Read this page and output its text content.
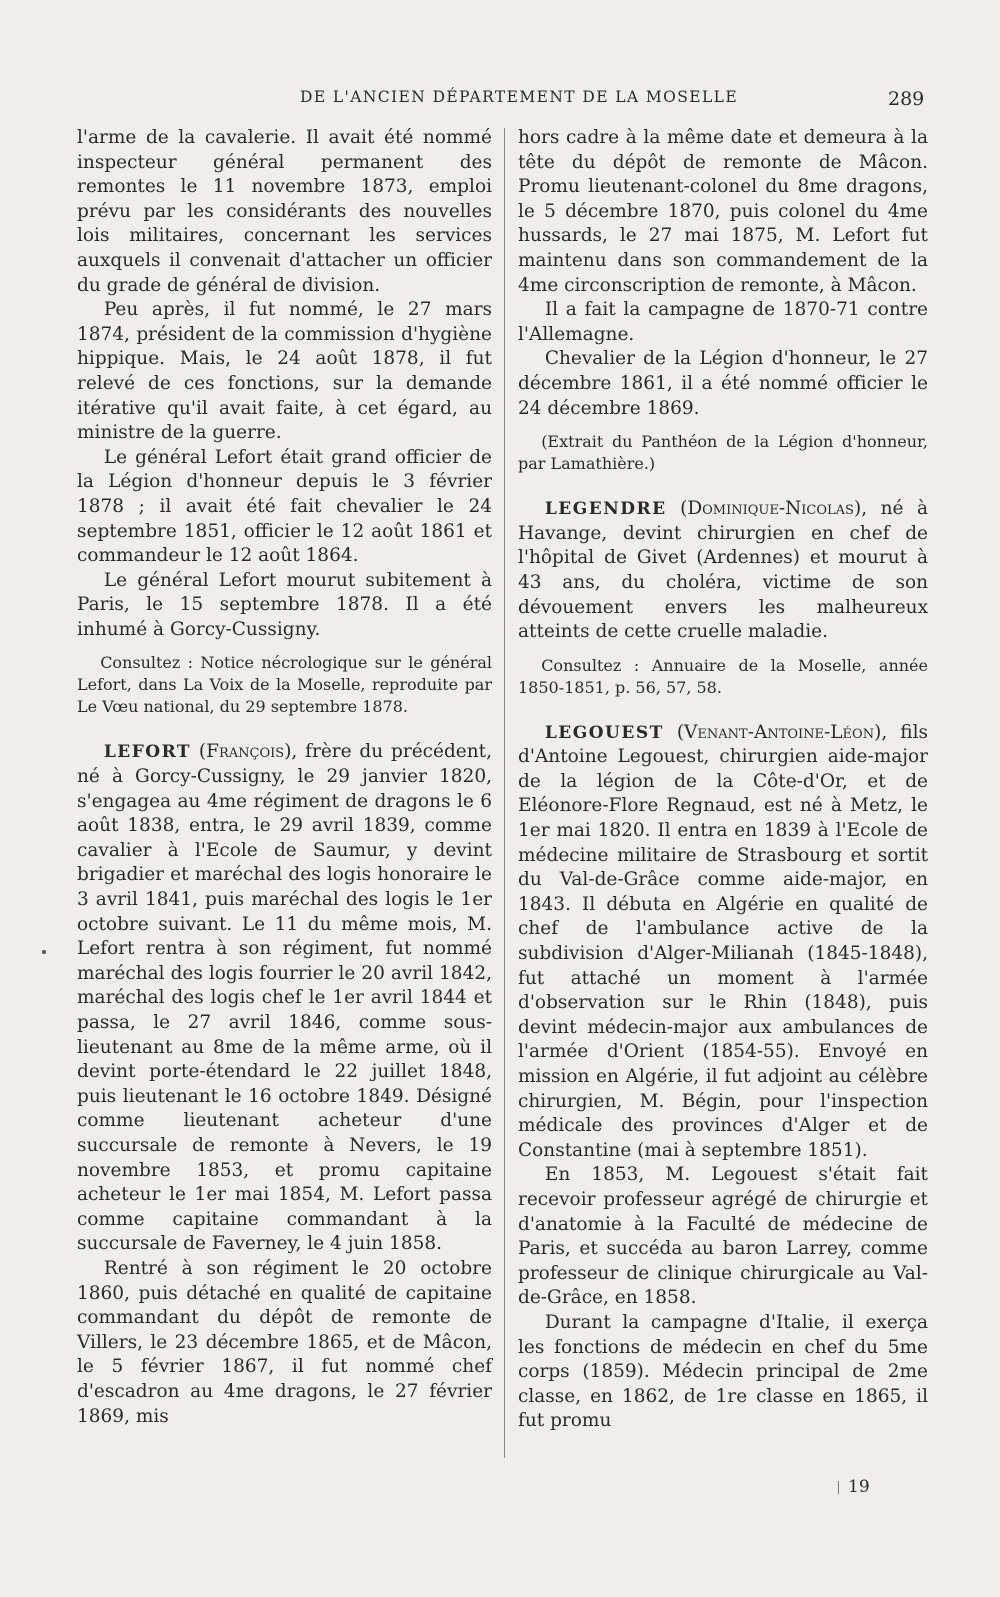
DE L'ANCIEN DÉPARTEMENT DE LA MOSELLE	289

l'arme de la cavalerie. Il avait été nommé inspecteur général permanent des remontes le 11 novembre 1873, emploi prévu par les considérants des nouvelles lois militaires, concernant les services auxquels il convenait d'attacher un officier du grade de général de division.

Peu après, il fut nommé, le 27 mars 1874, président de la commission d'hygiène hippique. Mais, le 24 août 1878, il fut relevé de ces fonctions, sur la demande itérative qu'il avait faite, à cet égard, au ministre de la guerre.

Le général Lefort était grand officier de la Légion d'honneur depuis le 3 février 1878 ; il avait été fait chevalier le 24 septembre 1851, officier le 12 août 1861 et commandeur le 12 août 1864.

Le général Lefort mourut subitement à Paris, le 15 septembre 1878. Il a été inhumé à Gorcy-Cussigny.

Consultez : Notice nécrologique sur le général Lefort, dans La Voix de la Moselle, reproduite par Le Vœu national, du 29 septembre 1878.

LEFORT (François), frère du précédent, né à Gorcy-Cussigny, le 29 janvier 1820, s'engagea au 4me régiment de dragons le 6 août 1838, entra, le 29 avril 1839, comme cavalier à l'Ecole de Saumur, y devint brigadier et maréchal des logis honoraire le 3 avril 1841, puis maréchal des logis le 1er octobre suivant. Le 11 du même mois, M. Lefort rentra à son régiment, fut nommé maréchal des logis fourrier le 20 avril 1842, maréchal des logis chef le 1er avril 1844 et passa, le 27 avril 1846, comme sous-lieutenant au 8me de la même arme, où il devint porte-étendard le 22 juillet 1848, puis lieutenant le 16 octobre 1849. Désigné comme lieutenant acheteur d'une succursale de remonte à Nevers, le 19 novembre 1853, et promu capitaine acheteur le 1er mai 1854, M. Lefort passa comme capitaine commandant à la succursale de Faverney, le 4 juin 1858.

Rentré à son régiment le 20 octobre 1860, puis détaché en qualité de capitaine commandant du dépôt de remonte de Villers, le 23 décembre 1865, et de Mâcon, le 5 février 1867, il fut nommé chef d'escadron au 4me dragons, le 27 février 1869, mis

hors cadre à la même date et demeura à la tête du dépôt de remonte de Mâcon. Promu lieutenant-colonel du 8me dragons, le 5 décembre 1870, puis colonel du 4me hussards, le 27 mai 1875, M. Lefort fut maintenu dans son commandement de la 4me circonscription de remonte, à Mâcon.

Il a fait la campagne de 1870-71 contre l'Allemagne.

Chevalier de la Légion d'honneur, le 27 décembre 1861, il a été nommé officier le 24 décembre 1869.

(Extrait du Panthéon de la Légion d'honneur, par Lamathière.)

LEGENDRE (Dominique-Nicolas), né à Havange, devint chirurgien en chef de l'hôpital de Givet (Ardennes) et mourut à 43 ans, du choléra, victime de son dévouement envers les malheureux atteints de cette cruelle maladie.

Consultez : Annuaire de la Moselle, année 1850-1851, p. 56, 57, 58.

LEGOUEST (Venant-Antoine-Léon), fils d'Antoine Legouest, chirurgien aide-major de la légion de la Côte-d'Or, et de Eléonore-Flore Regnaud, est né à Metz, le 1er mai 1820. Il entra en 1839 à l'Ecole de médecine militaire de Strasbourg et sortit du Val-de-Grâce comme aide-major, en 1843. Il débuta en Algérie en qualité de chef de l'ambulance active de la subdivision d'Alger-Milianah (1845-1848), fut attaché un moment à l'armée d'observation sur le Rhin (1848), puis devint médecin-major aux ambulances de l'armée d'Orient (1854-55). Envoyé en mission en Algérie, il fut adjoint au célèbre chirurgien, M. Bégin, pour l'inspection médicale des provinces d'Alger et de Constantine (mai à septembre 1851).

En 1853, M. Legouest s'était fait recevoir professeur agrégé de chirurgie et d'anatomie à la Faculté de médecine de Paris, et succéda au baron Larrey, comme professeur de clinique chirurgicale au Val-de-Grâce, en 1858.

Durant la campagne d'Italie, il exerça les fonctions de médecin en chef du 5me corps (1859). Médecin principal de 2me classe, en 1862, de 1re classe en 1865, il fut promu

19
